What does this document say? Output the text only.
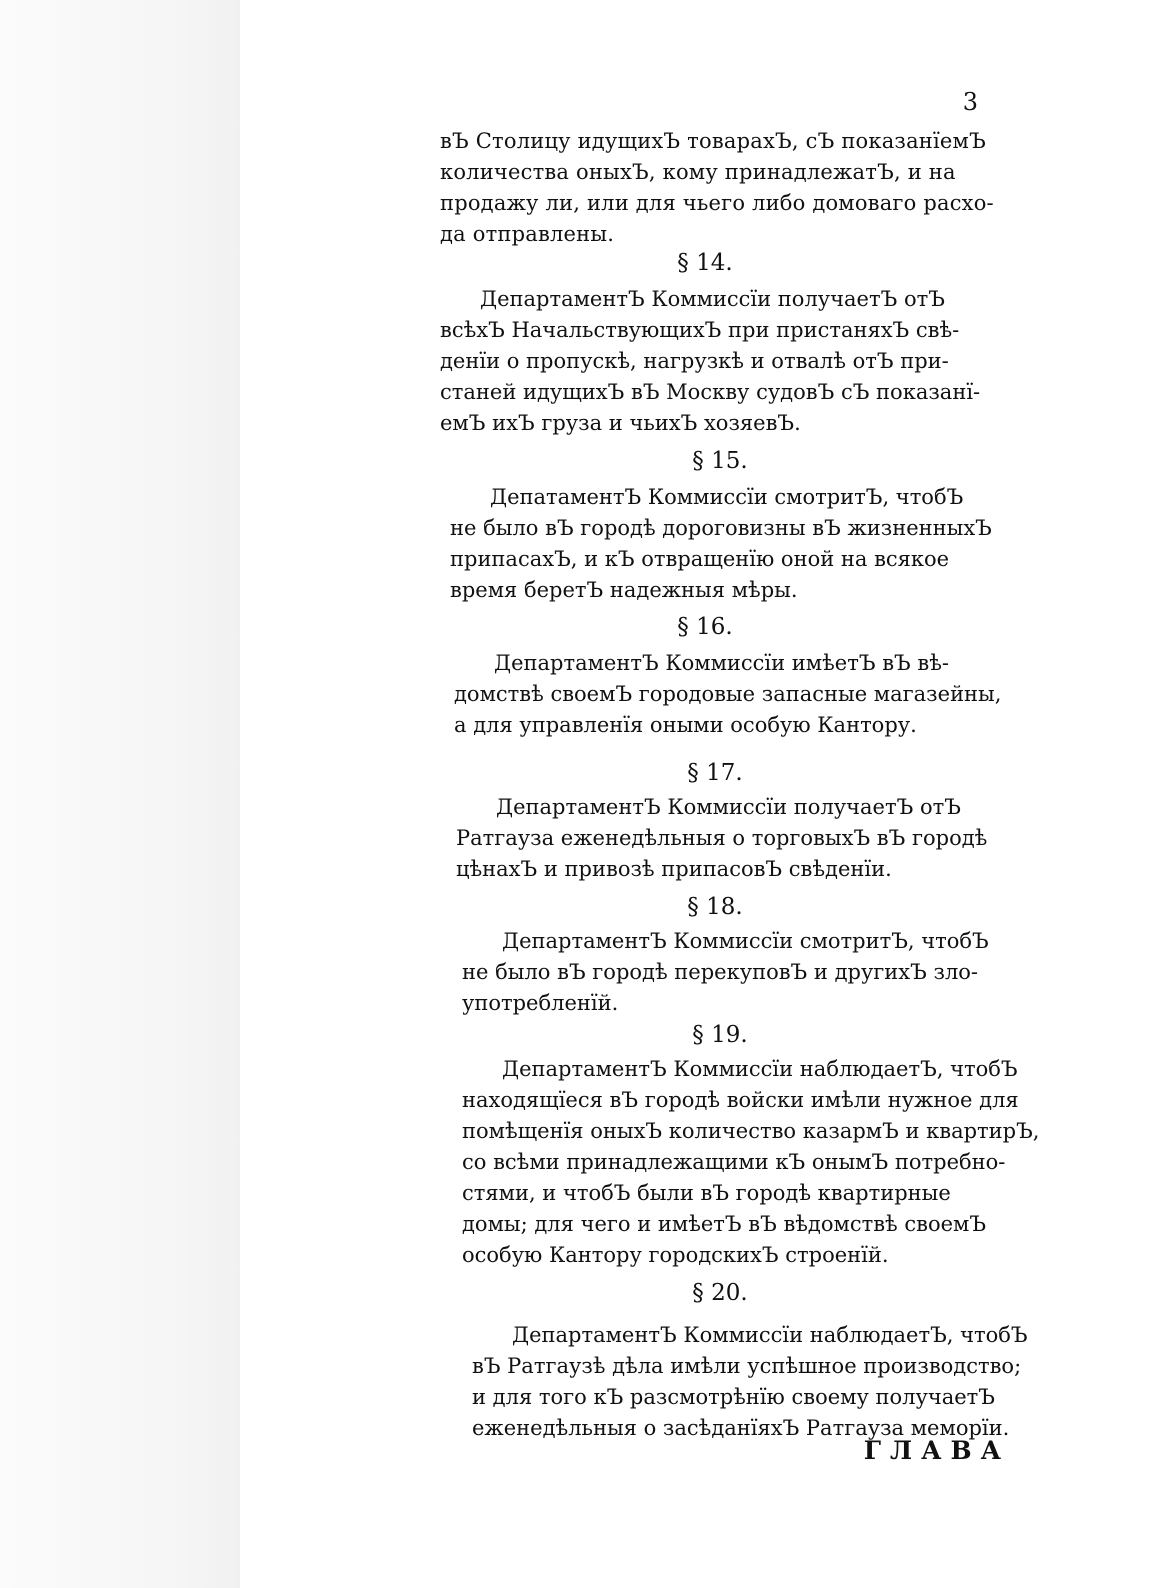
3
вЪ Столицу идущихЪ товарахЪ, сЪ показанїемЪ
количества оныхЪ, кому принадлежатЪ, и на
продажу ли, или для чьего либо домоваго расхо-
да отправлены.
§ 14.
ДепартаментЪ Коммиссїи получаетЪ отЪ
всѣхЪ НачальствующихЪ при пристаняхЪ свѣ-
денїи о пропускѣ, нагрузкѣ и отвалѣ отЪ при-
станей идущихЪ вЪ Москву судовЪ сЪ показанї-
емЪ ихЪ груза и чьихЪ хозяевЪ.
§ 15.
ДепатаментЪ Коммиссїи смотритЪ, чтобЪ
не было вЪ городѣ дороговизны вЪ жизненныхЪ
припасахЪ, и кЪ отвращенїю оной на всякое
время беретЪ надежныя мѣры.
§ 16.
ДепартаментЪ Коммиссїи имѣетЪ вЪ вѣ-
домствѣ своемЪ городовые запасные магазейны,
а для управленїя оными особую Кантору.
§ 17.
ДепартаментЪ Коммиссїи получаетЪ отЪ
Ратгауза еженедѣльныя о торговыхЪ вЪ городѣ
цѣнахЪ и привозѣ припасовЪ свѣденїи.
§ 18.
ДепартаментЪ Коммиссїи смотритЪ, чтобЪ
не было вЪ городѣ перекуповЪ и другихЪ зло-
употребленїй.
§ 19.
ДепартаментЪ Коммиссїи наблюдаетЪ, чтобЪ
находящїеся вЪ городѣ войски имѣли нужное для
помѣщенїя оныхЪ количество казармЪ и квартирЪ,
со всѣми принадлежащими кЪ онымЪ потребно-
стями, и чтобЪ были вЪ городѣ квартирные
домы; для чего и имѣетЪ вЪ вѣдомствѣ своемЪ
особую Кантору городскихЪ строенїй.
§ 20.
ДепартаментЪ Коммиссїи наблюдаетЪ, чтобЪ
вЪ Ратгаузѣ дѣла имѣли успѣшное производство;
и для того кЪ разсмотрѣнїю своему получаетЪ
еженедѣльныя о засѣданїяхЪ Ратгауза меморїи.
ГЛАВА
